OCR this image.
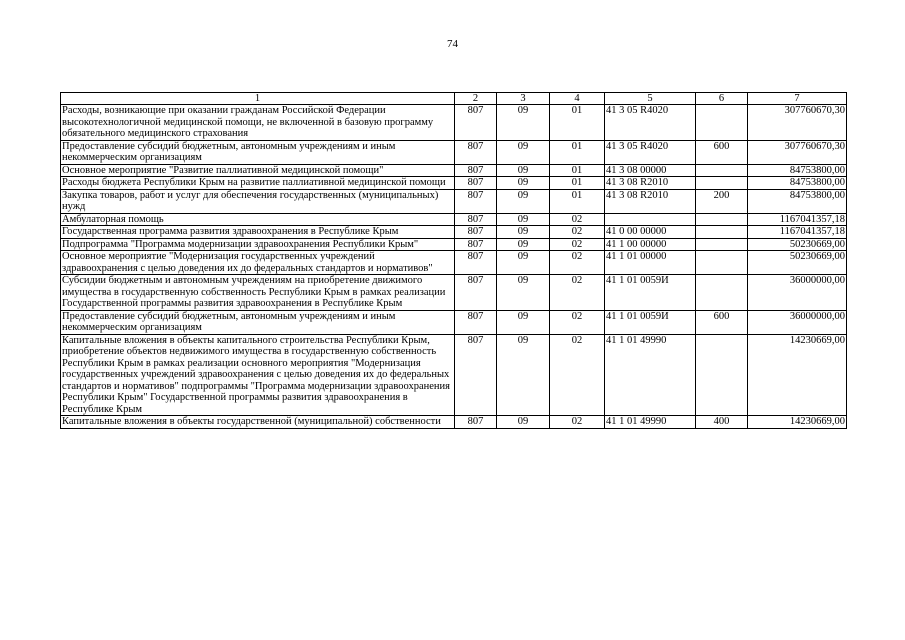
74
1	2	3	4	5	6	7
Расходы, возникающие при оказании гражданам Российской Федерации высокотехнологичной медицинской помощи, не включенной в базовую программу обязательного медицинского страхования	807	09	01	41 3 05 R4020		307760670,30
Предоставление субсидий бюджетным, автономным учреждениям и иным некоммерческим организациям	807	09	01	41 3 05 R4020	600	307760670,30
Основное мероприятие "Развитие паллиативной медицинской помощи"	807	09	01	41 3 08 00000		84753800,00
Расходы бюджета Республики Крым на развитие паллиативной медицинской помощи	807	09	01	41 3 08 R2010		84753800,00
Закупка товаров, работ и услуг для обеспечения государственных (муниципальных) нужд	807	09	01	41 3 08 R2010	200	84753800,00
Амбулаторная помощь	807	09	02			1167041357,18
Государственная программа развития здравоохранения в Республике Крым	807	09	02	41 0 00 00000		1167041357,18
Подпрограмма "Программа модернизации здравоохранения Республики Крым"	807	09	02	41 1 00 00000		50230669,00
Основное мероприятие "Модернизация государственных учреждений здравоохранения с целью доведения их до федеральных стандартов и нормативов"	807	09	02	41 1 01 00000		50230669,00
Субсидии бюджетным и автономным учреждениям на приобретение движимого имущества в государственную собственность Республики Крым в рамках реализации Государственной программы развития здравоохранения в Республике Крым	807	09	02	41 1 01 0059И		36000000,00
Предоставление субсидий бюджетным, автономным учреждениям и иным некоммерческим организациям	807	09	02	41 1 01 0059И	600	36000000,00
Капитальные вложения в объекты капитального строительства Республики Крым, приобретение объектов недвижимого имущества в государственную собственность Республики Крым в рамках реализации основного мероприятия "Модернизация государственных учреждений здравоохранения с целью доведения их до федеральных стандартов и нормативов" подпрограммы "Программа модернизации здравоохранения Республики Крым" Государственной программы развития здравоохранения в Республике Крым	807	09	02	41 1 01 49990		14230669,00
Капитальные вложения в объекты государственной (муниципальной) собственности	807	09	02	41 1 01 49990	400	14230669,00
